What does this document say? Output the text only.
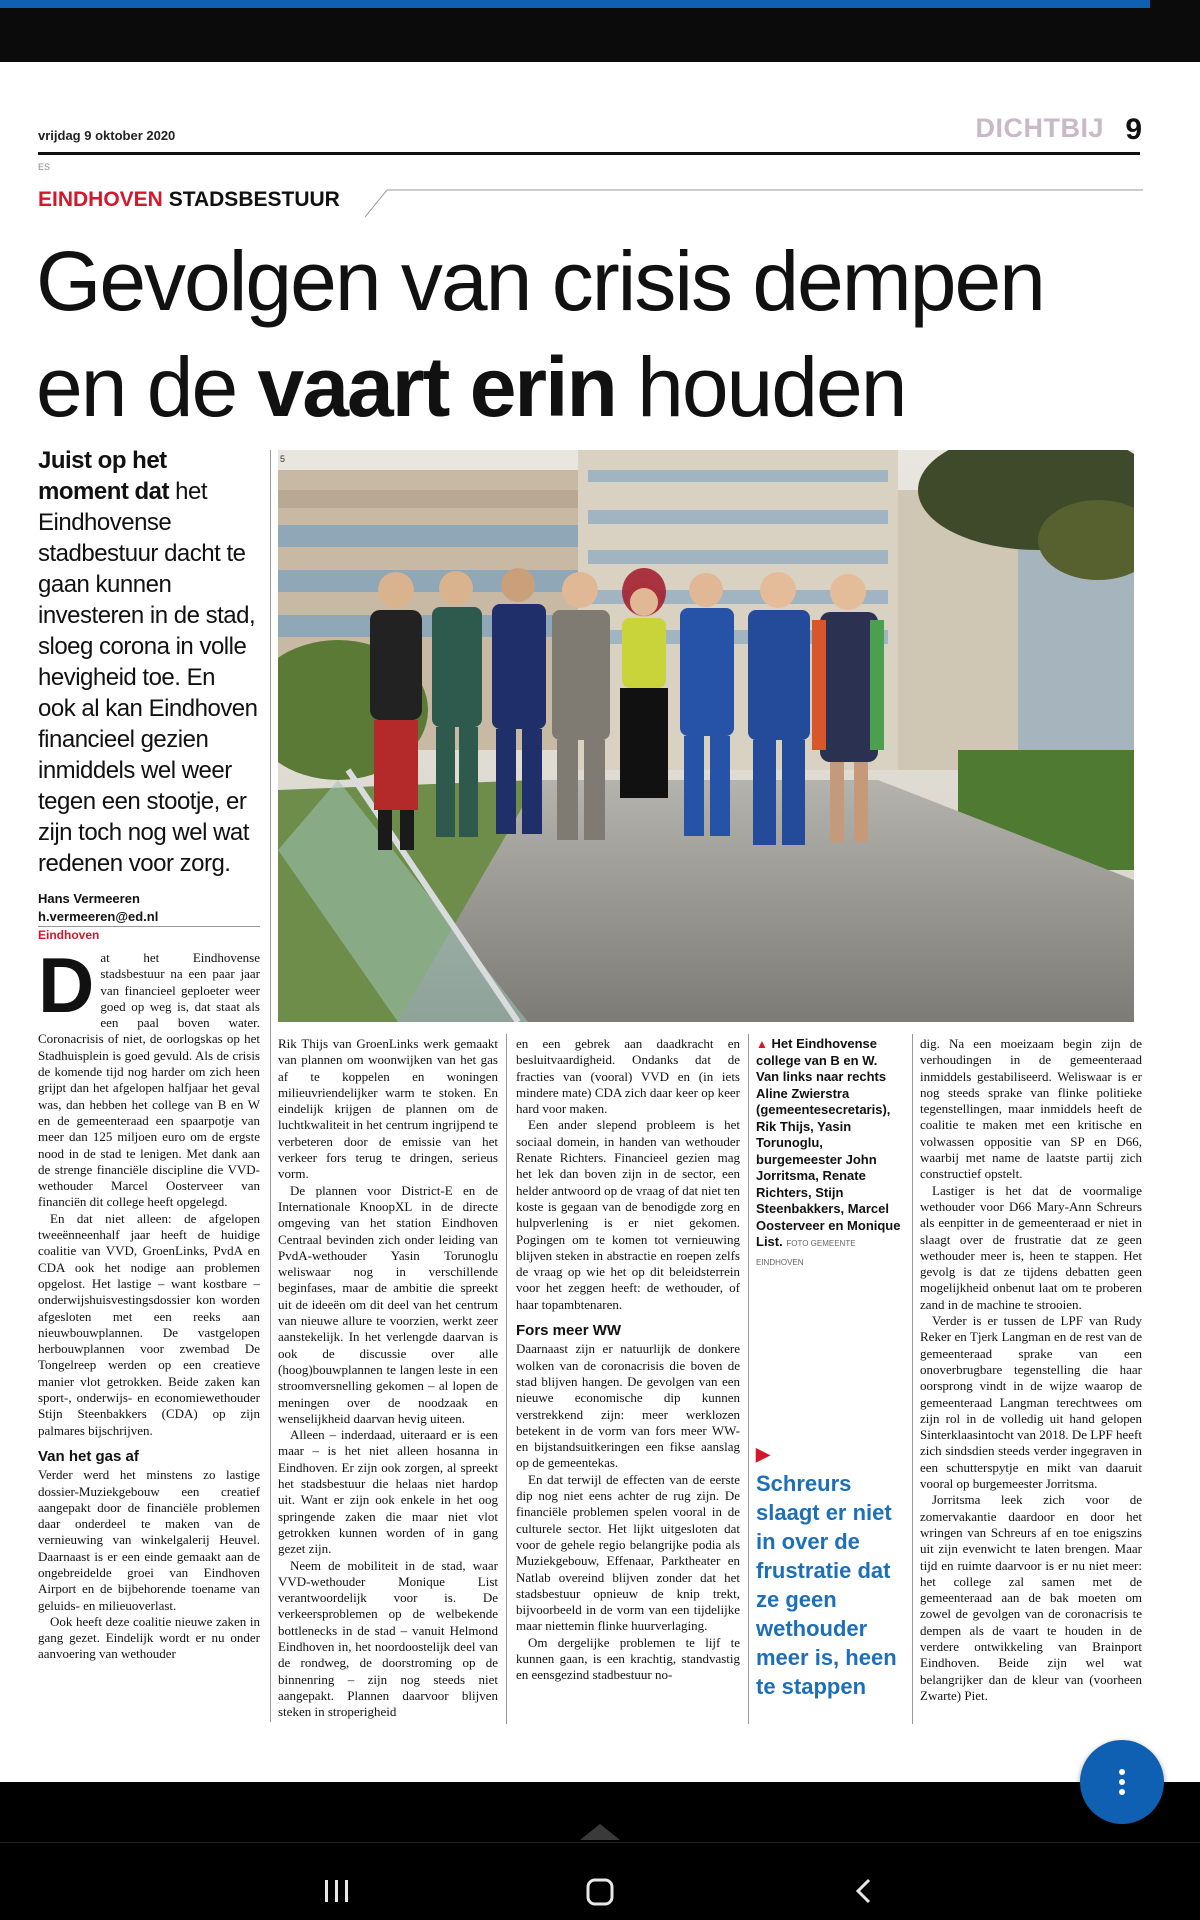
vrijdag 9 oktober 2020	DICHTBIJ 9
ES
EINDHOVEN STADSBESTUUR
Gevolgen van crisis dempen
en de vaart erin houden
Juist op het moment dat het Eindhovense stadbestuur dacht te gaan kunnen investeren in de stad, sloeg corona in volle hevigheid toe. En ook al kan Eindhoven financieel gezien inmiddels wel weer tegen een stootje, er zijn toch nog wel wat redenen voor zorg.
Hans Vermeeren
h.vermeeren@ed.nl
Eindhoven
5
D at het Eindhovense stadsbestuur na een paar jaar van financieel geploeter weer goed op weg is, dat staat als een paal boven water. Coronacrisis of niet, de oorlogskas op het Stadhuisplein is goed gevuld. Als de crisis de komende tijd nog harder om zich heen grijpt dan het afgelopen halfjaar het geval was, dan hebben het college van B en W en de gemeenteraad een spaarpotje van meer dan 125 miljoen euro om de ergste nood in de stad te lenigen. Met dank aan de strenge financiële discipline die VVD-wethouder Marcel Oosterveer van financiën dit college heeft opgelegd.

En dat niet alleen: de afgelopen tweeënneenhalf jaar heeft de huidige coalitie van VVD, GroenLinks, PvdA en CDA ook het nodige aan problemen opgelost. Het lastige – want kostbare – onderwijshuisvestingsdossier kon worden afgesloten met een reeks aan nieuwbouwplannen. De vastgelopen herbouwplannen voor zwembad De Tongelreep werden op een creatieve manier vlot getrokken. Beide zaken kan sport-, onderwijs- en economiewethouder Stijn Steenbakkers (CDA) op zijn palmares bijschrijven.

Van het gas af

Verder werd het minstens zo lastige dossier-Muziekgebouw een creatief aangepakt door de financiële problemen daar onderdeel te maken van de vernieuwing van winkelgalerij Heuvel. Daarnaast is er een einde gemaakt aan de ongebreidelde groei van Eindhoven Airport en de bijbehorende toename van geluids- en milieuoverlast.

Ook heeft deze coalitie nieuwe zaken in gang gezet. Eindelijk wordt er nu onder aanvoering van wethouder

Rik Thijs van GroenLinks werk gemaakt van plannen om woonwijken van het gas af te koppelen en woningen milieuvriendelijker warm te stoken. En eindelijk krijgen de plannen om de luchtkwaliteit in het centrum ingrijpend te verbeteren door de emissie van het verkeer fors terug te dringen, serieus vorm.

De plannen voor District-E en de Internationale KnoopXL in de directe omgeving van het station Eindhoven Centraal bevinden zich onder leiding van PvdA-wethouder Yasin Torunoglu weliswaar nog in verschillende beginfases, maar de ambitie die spreekt uit de ideeën om dit deel van het centrum van nieuwe allure te voorzien, werkt zeer aanstekelijk. In het verlengde daarvan is ook de discussie over alle (hoog)bouwplannen te langen leste in een stroomversnelling gekomen – al lopen de meningen over de noodzaak en wenselijkheid daarvan hevig uiteen.

Alleen – inderdaad, uiteraard er is een maar – is het niet alleen hosanna in Eindhoven. Er zijn ook zorgen, al spreekt het stadsbestuur die helaas niet hardop uit. Want er zijn ook enkele in het oog springende zaken die maar niet vlot getrokken kunnen worden of in gang gezet zijn.

Neem de mobiliteit in de stad, waar VVD-wethouder Monique List verantwoordelijk voor is. De verkeersproblemen op de welbekende bottlenecks in de stad – vanuit Helmond Eindhoven in, het noordoostelijk deel van de rondweg, de doorstroming op de binnenring – zijn nog steeds niet aangepakt. Plannen daarvoor blijven steken in stroperigheid

en een gebrek aan daadkracht en besluitvaardigheid. Ondanks dat de fracties van (vooral) VVD en (in iets mindere mate) CDA zich daar keer op keer hard voor maken.

Een ander slepend probleem is het sociaal domein, in handen van wethouder Renate Richters. Financieel gezien mag het lek dan boven zijn in de sector, een helder antwoord op de vraag of dat niet ten koste is gegaan van de benodigde zorg en hulpverlening is er niet gekomen. Pogingen om te komen tot vernieuwing blijven steken in abstractie en roepen zelfs de vraag op wie het op dit beleidsterrein voor het zeggen heeft: de wethouder, of haar topambtenaren.

Fors meer WW

Daarnaast zijn er natuurlijk de donkere wolken van de coronacrisis die boven de stad blijven hangen. De gevolgen van een nieuwe economische dip kunnen verstrekkend zijn: meer werklozen betekent in de vorm van fors meer WW- en bijstandsuitkeringen een fikse aanslag op de gemeentekas.

En dat terwijl de effecten van de eerste dip nog niet eens achter de rug zijn. De financiële problemen spelen vooral in de culturele sector. Het lijkt uitgesloten dat voor de gehele regio belangrijke podia als Muziekgebouw, Effenaar, Parktheater en Natlab overeind blijven zonder dat het stadsbestuur opnieuw de knip trekt, bijvoorbeeld in de vorm van een tijdelijke maar niettemin flinke huurverlaging.

Om dergelijke problemen te lijf te kunnen gaan, is een krachtig, standvastig en eensgezind stadbestuur no-

▲ Het Eindhovense college van B en W. Van links naar rechts Aline Zwierstra (gemeentesecretaris), Rik Thijs, Yasin Torunoglu, burgemeester John Jorritsma, Renate Richters, Stijn Steenbakkers, Marcel Oosterveer en Monique List. FOTO GEMEENTE EINDHOVEN
▶
Schreurs slaagt er niet in over de frustratie dat ze geen wethouder meer is, heen te stappen

dig. Na een moeizaam begin zijn de verhoudingen in de gemeenteraad inmiddels gestabiliseerd. Weliswaar is er nog steeds sprake van flinke politieke tegenstellingen, maar inmiddels heeft de coalitie te maken met een kritische en volwassen oppositie van SP en D66, waarbij met name de laatste partij zich constructief opstelt.

Lastiger is het dat de voormalige wethouder voor D66 Mary-Ann Schreurs als eenpitter in de gemeenteraad er niet in slaagt over de frustratie dat ze geen wethouder meer is, heen te stappen. Het gevolg is dat ze tijdens debatten geen mogelijkheid onbenut laat om te proberen zand in de machine te strooien.

Verder is er tussen de LPF van Rudy Reker en Tjerk Langman en de rest van de gemeenteraad sprake van een onoverbrugbare tegenstelling die haar oorsprong vindt in de wijze waarop de gemeenteraad Langman terechtwees om zijn rol in de volledig uit hand gelopen Sinterklaasintocht van 2018. De LPF heeft zich sindsdien steeds verder ingegraven in een schutterspуtje en mikt van daaruit vooral op burgemeester Jorritsma.

Jorritsma leek zich voor de zomervakantie daardoor en door het wringen van Schreurs af en toe enigszins uit zijn evenwicht te laten brengen. Maar tijd en ruimte daarvoor is er nu niet meer: het college zal samen met de gemeenteraad aan de bak moeten om zowel de gevolgen van de coronacrisis te dempen als de vaart te houden in de verdere ontwikkeling van Brainport Eindhoven. Beide zijn wel wat belangrijker dan de kleur van (voorheen Zwarte) Piet.
